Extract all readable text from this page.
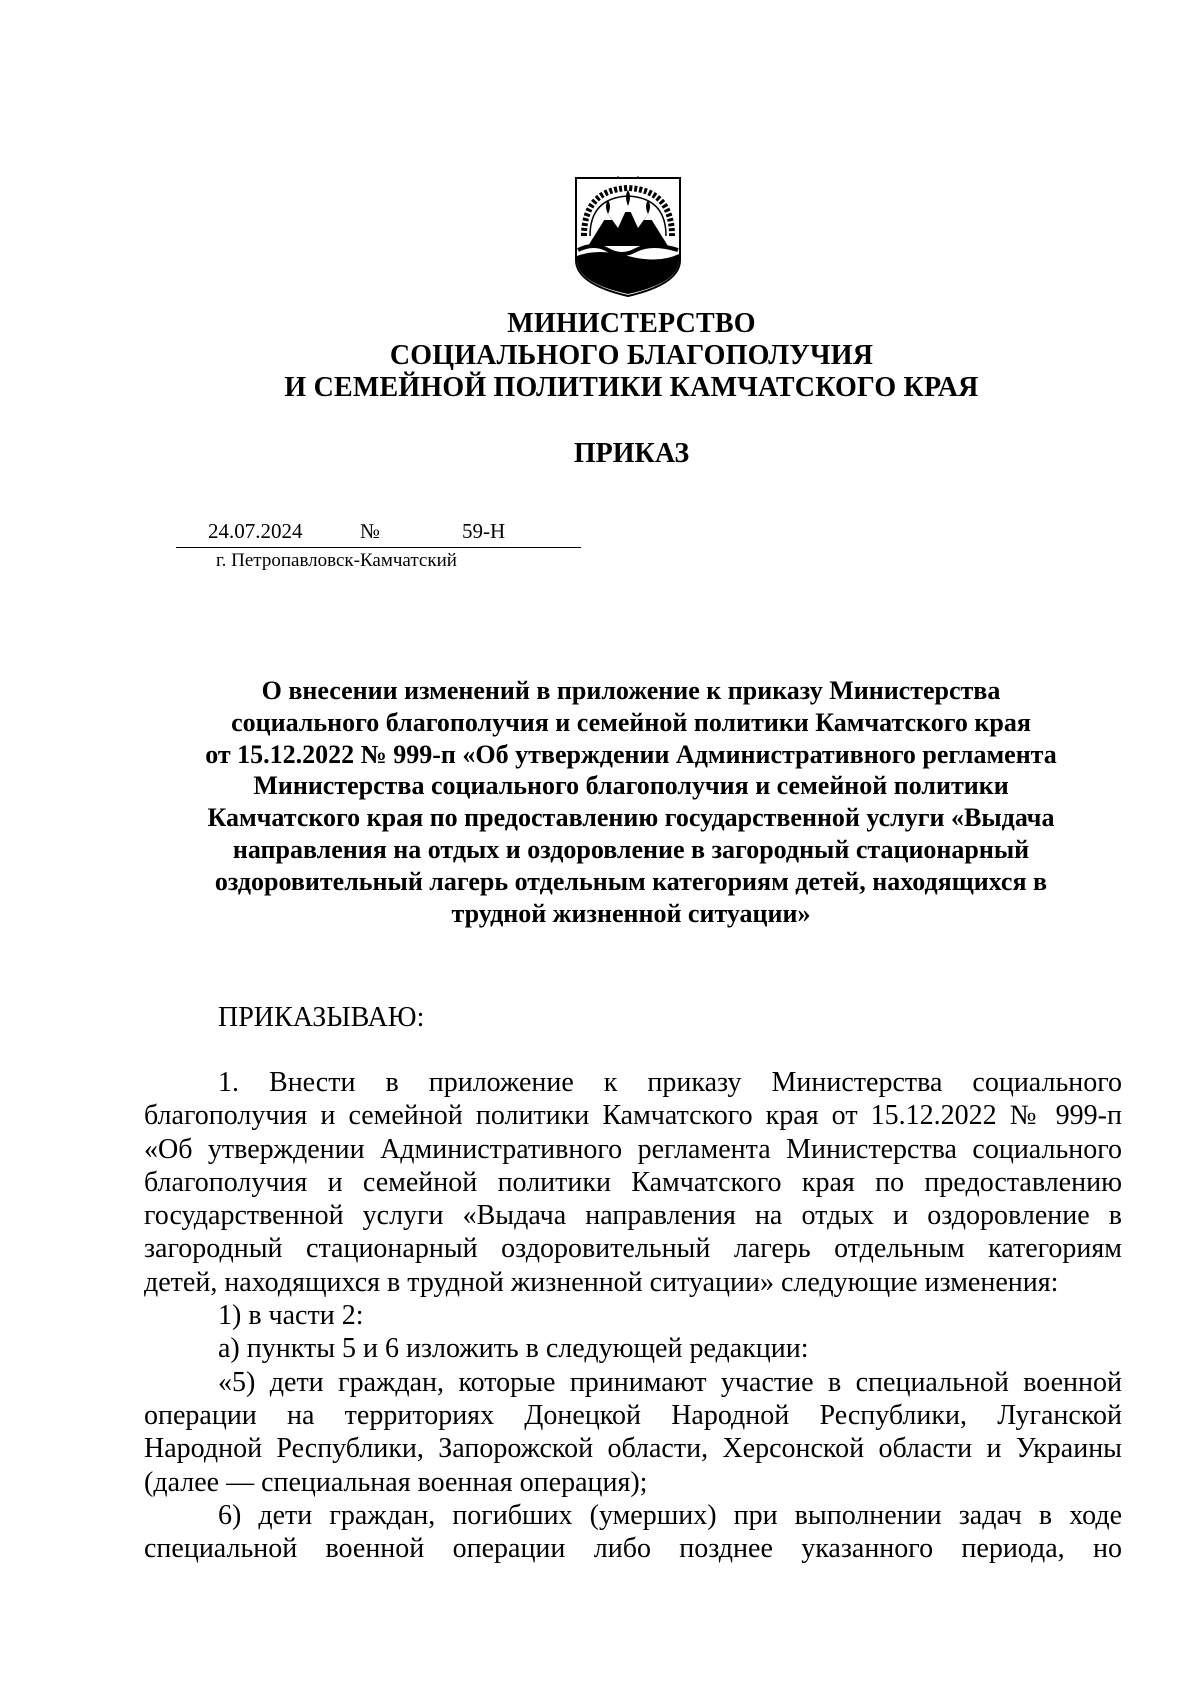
МИНИСТЕРСТВО
СОЦИАЛЬНОГО БЛАГОПОЛУЧИЯ
И СЕМЕЙНОЙ ПОЛИТИКИ КАМЧАТСКОГО КРАЯ
ПРИКАЗ
24.07.2024	№	59-Н
г. Петропавловск-Камчатский
О внесении изменений в приложение к приказу Министерства
социального благополучия и семейной политики Камчатского края
от 15.12.2022 № 999-п «Об утверждении Административного регламента
Министерства социального благополучия и семейной политики
Камчатского края по предоставлению государственной услуги «Выдача
направления на отдых и оздоровление в загородный стационарный
оздоровительный лагерь отдельным категориям детей, находящихся в
трудной жизненной ситуации»
ПРИКАЗЫВАЮ:
1. Внести в приложение к приказу Министерства социального
благополучия и семейной политики Камчатского края от 15.12.2022 № 999-п
«Об утверждении Административного регламента Министерства социального
благополучия и семейной политики Камчатского края по предоставлению
государственной услуги «Выдача направления на отдых и оздоровление в
загородный стационарный оздоровительный лагерь отдельным категориям
детей, находящихся в трудной жизненной ситуации» следующие изменения:
1) в части 2:
а) пункты 5 и 6 изложить в следующей редакции:
«5) дети граждан, которые принимают участие в специальной военной
операции на территориях Донецкой Народной Республики, Луганской
Народной Республики, Запорожской области, Херсонской области и Украины
(далее — специальная военная операция);
6) дети граждан, погибших (умерших) при выполнении задач в ходе
специальной военной операции либо позднее указанного периода, но
